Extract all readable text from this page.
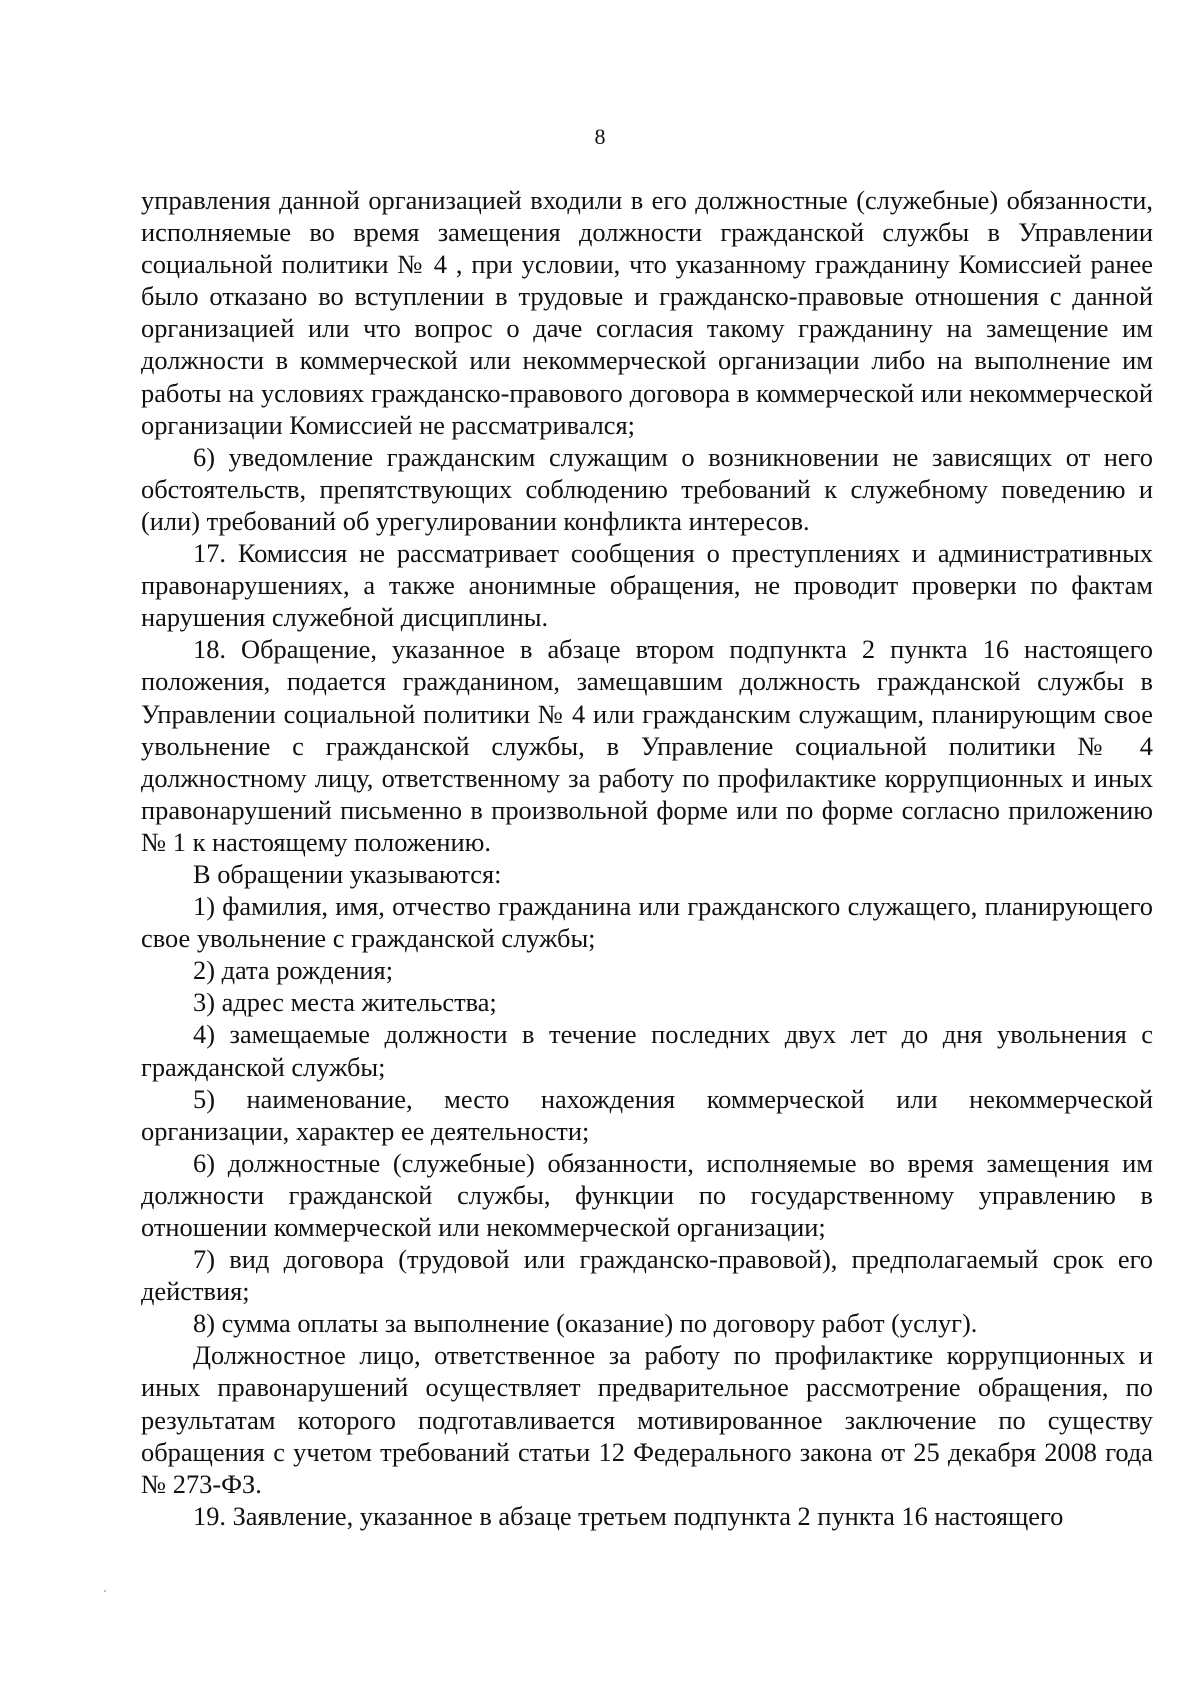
8

управления данной организацией входили в его должностные (служебные) обязанности, исполняемые во время замещения должности гражданской службы в Управлении социальной политики № 4 , при условии, что указанному гражданину Комиссией ранее было отказано во вступлении в трудовые и гражданско-правовые отношения с данной организацией или что вопрос о даче согласия такому гражданину на замещение им должности в коммерческой или некоммерческой организации либо на выполнение им работы на условиях гражданско-правового договора в коммерческой или некоммерческой организации Комиссией не рассматривался;

6) уведомление гражданским служащим о возникновении не зависящих от него обстоятельств, препятствующих соблюдению требований к служебному поведению и (или) требований об урегулировании конфликта интересов.

17. Комиссия не рассматривает сообщения о преступлениях и административных правонарушениях, а также анонимные обращения, не проводит проверки по фактам нарушения служебной дисциплины.

18. Обращение, указанное в абзаце втором подпункта 2 пункта 16 настоящего положения, подается гражданином, замещавшим должность гражданской службы в Управлении социальной политики № 4 или гражданским служащим, планирующим свое увольнение с гражданской службы, в Управление социальной политики № 4 должностному лицу, ответственному за работу по профилактике коррупционных и иных правонарушений письменно в произвольной форме или по форме согласно приложению № 1 к настоящему положению.

В обращении указываются:

1) фамилия, имя, отчество гражданина или гражданского служащего, планирующего свое увольнение с гражданской службы;

2) дата рождения;

3) адрес места жительства;

4) замещаемые должности в течение последних двух лет до дня увольнения с гражданской службы;

5) наименование, место нахождения коммерческой или некоммерческой организации, характер ее деятельности;

6) должностные (служебные) обязанности, исполняемые во время замещения им должности гражданской службы, функции по государственному управлению в отношении коммерческой или некоммерческой организации;

7) вид договора (трудовой или гражданско-правовой), предполагаемый срок его действия;

8) сумма оплаты за выполнение (оказание) по договору работ (услуг).

Должностное лицо, ответственное за работу по профилактике коррупционных и иных правонарушений осуществляет предварительное рассмотрение обращения, по результатам которого подготавливается мотивированное заключение по существу обращения с учетом требований статьи 12 Федерального закона от 25 декабря 2008 года № 273-ФЗ.

19. Заявление, указанное в абзаце третьем подпункта 2 пункта 16 настоящего
